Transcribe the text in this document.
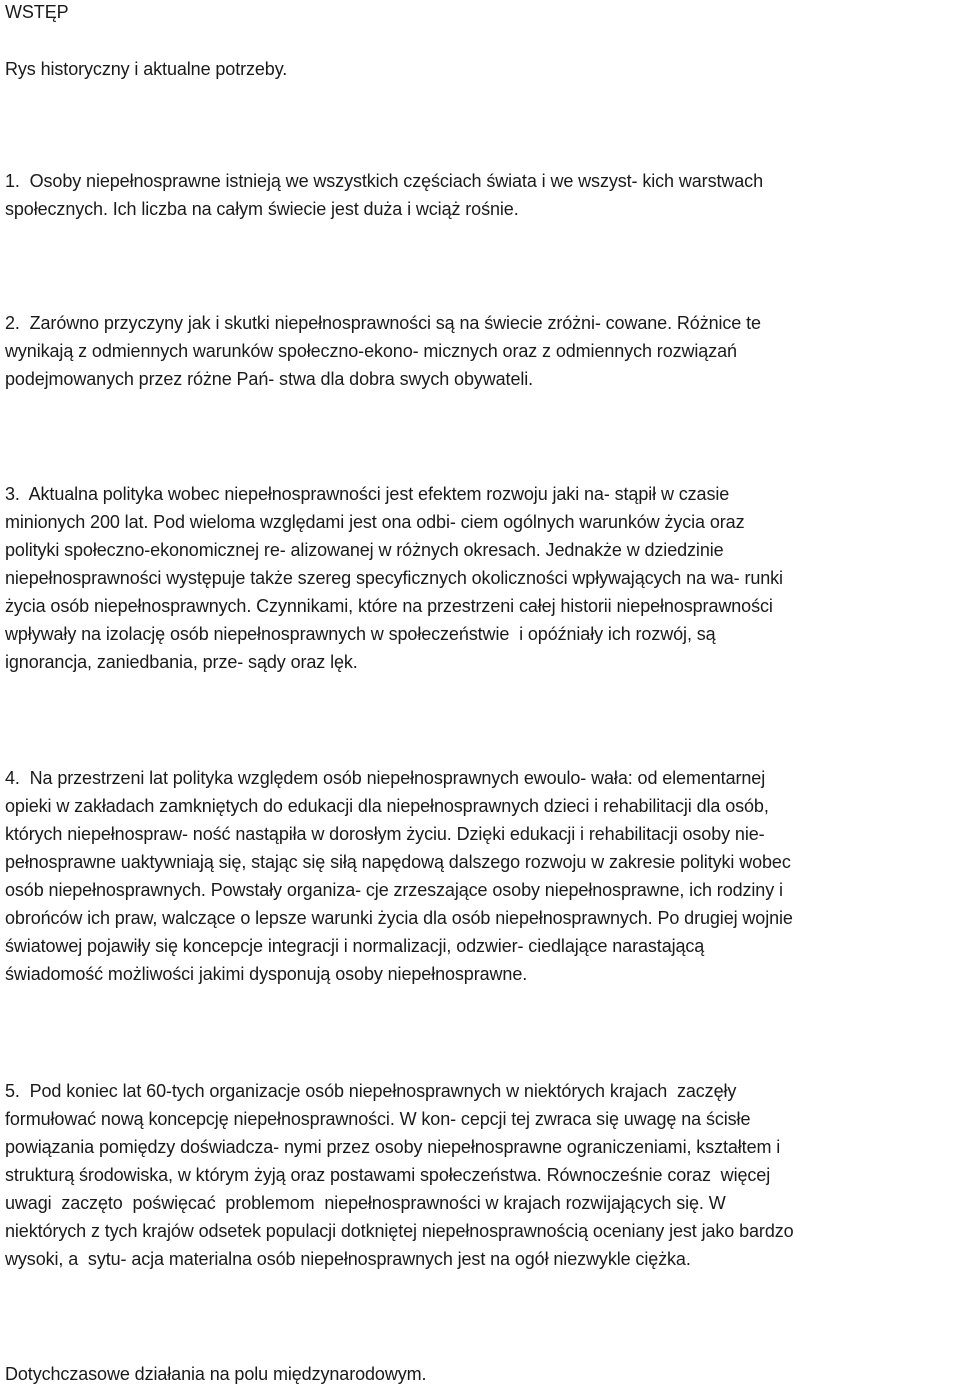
WSTĘP
Rys historyczny i aktualne potrzeby.
1.  Osoby niepełnosprawne istnieją we wszystkich częściach świata i we wszyst- kich warstwach
społecznych. Ich liczba na całym świecie jest duża i wciąż rośnie.
2.  Zarówno przyczyny jak i skutki niepełnosprawności są na świecie zróżni- cowane. Różnice te
wynikają z odmiennych warunków społeczno-ekono- micznych oraz z odmiennych rozwiązań
podejmowanych przez różne Pań- stwa dla dobra swych obywateli.
3.  Aktualna polityka wobec niepełnosprawności jest efektem rozwoju jaki na- stąpił w czasie
minionych 200 lat. Pod wieloma względami jest ona odbi- ciem ogólnych warunków życia oraz
polityki społeczno-ekonomicznej re- alizowanej w różnych okresach. Jednakże w dziedzinie
niepełnosprawności występuje także szereg specyficznych okoliczności wpływających na wa- runki
życia osób niepełnosprawnych. Czynnikami, które na przestrzeni całej historii niepełnosprawności
wpływały na izolację osób niepełnosprawnych w społeczeństwie  i opóźniały ich rozwój, są
ignorancja, zaniedbania, prze- sądy oraz lęk.
4.  Na przestrzeni lat polityka względem osób niepełnosprawnych ewoulo- wała: od elementarnej
opieki w zakładach zamkniętych do edukacji dla niepełnosprawnych dzieci i rehabilitacji dla osób,
których niepełnospraw- ność nastąpiła w dorosłym życiu. Dzięki edukacji i rehabilitacji osoby nie-
pełnosprawne uaktywniają się, stając się siłą napędową dalszego rozwoju w zakresie polityki wobec
osób niepełnosprawnych. Powstały organiza- cje zrzeszające osoby niepełnosprawne, ich rodziny i
obrońców ich praw, walczące o lepsze warunki życia dla osób niepełnosprawnych. Po drugiej wojnie
światowej pojawiły się koncepcje integracji i normalizacji, odzwier- ciedlające narastającą
świadomość możliwości jakimi dysponują osoby niepełnosprawne.
5.  Pod koniec lat 60-tych organizacje osób niepełnosprawnych w niektórych krajach  zaczęły
formułować nową koncepcję niepełnosprawności. W kon- cepcji tej zwraca się uwagę na ścisłe
powiązania pomiędzy doświadcza- nymi przez osoby niepełnosprawne ograniczeniami, kształtem i
strukturą środowiska, w którym żyją oraz postawami społeczeństwa. Równocześnie coraz  więcej
uwagi  zaczęto  poświęcać  problemom  niepełnosprawności w krajach rozwijających się. W
niektórych z tych krajów odsetek populacji dotkniętej niepełnosprawnością oceniany jest jako bardzo
wysoki, a  sytu- acja materialna osób niepełnosprawnych jest na ogół niezwykle ciężka.
Dotychczasowe działania na polu międzynarodowym.
